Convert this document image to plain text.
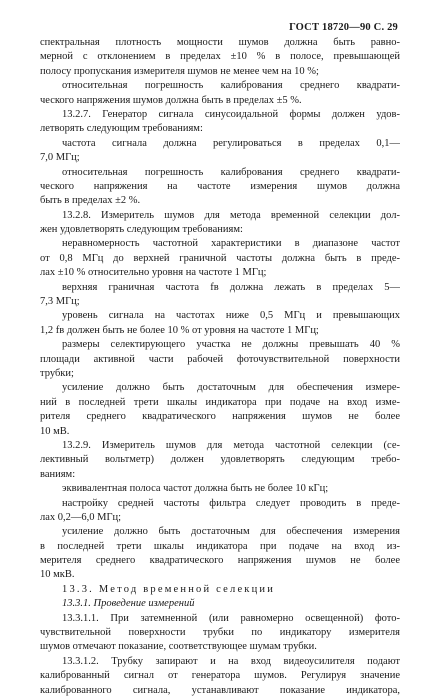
ГОСТ 18720—90 С. 29
спектральная плотность мощности шумов должна быть равно-
мерной с отклонением в пределах ±10 % в полосе, превышающей
полосу пропускания измерителя шумов не менее чем на 10 %;
относительная погрешность калибрования среднего квадрати-
ческого напряжения шумов должна быть в пределах ±5 %.
13.2.7. Генератор сигнала синусоидальной формы должен удов-
летворять следующим требованиям:
частота сигнала должна регулироваться в пределах 0,1—
7,0 МГц;
относительная погрешность калибрования среднего квадрати-
ческого напряжения на частоте измерения шумов должна
быть в пределах ±2 %.
13.2.8. Измеритель шумов для метода временной селекции дол-
жен удовлетворять следующим требованиям:
неравномерность частотной характеристики в диапазоне частот
от 0,8 МГц до верхней граничной частоты должна быть в преде-
лах ±10 % относительно уровня на частоте 1 МГц;
верхняя граничная частота fв должна лежать в пределах 5—
7,3 МГц;
уровень сигнала на частотах ниже 0,5 МГц и превышающих
1,2 fв должен быть не более 10 % от уровня на частоте 1 МГц;
размеры селектирующего участка не должны превышать 40 %
площади активной части рабочей фоточувствительной поверхности
трубки;
усиление должно быть достаточным для обеспечения измере-
ний в последней трети шкалы индикатора при подаче на вход изме-
рителя среднего квадратического напряжения шумов не более
10 мВ.
13.2.9. Измеритель шумов для метода частотной селекции (се-
лективный вольтметр) должен удовлетворять следующим требо-
ваниям:
эквивалентная полоса частот должна быть не более 10 кГц;
настройку средней частоты фильтра следует проводить в преде-
лах 0,2—6,0 МГц;
усиление должно быть достаточным для обеспечения измерения
в последней трети шкалы индикатора при подаче на вход из-
мерителя среднего квадратического напряжения шумов не более
10 мкВ.
13.3. Метод временной селекции
13.3.1. Проведение измерений
13.3.1.1. При затемненной (или равномерно освещенной) фото-
чувствительной поверхности трубки по индикатору измерителя
шумов отмечают показание, соответствующее шумам трубки.
13.3.1.2. Трубку запирают и на вход видеоусилителя подают
калиброванный сигнал от генератора шумов. Регулируя значение
калиброванного сигнала, устанавливают показание индикатора,
